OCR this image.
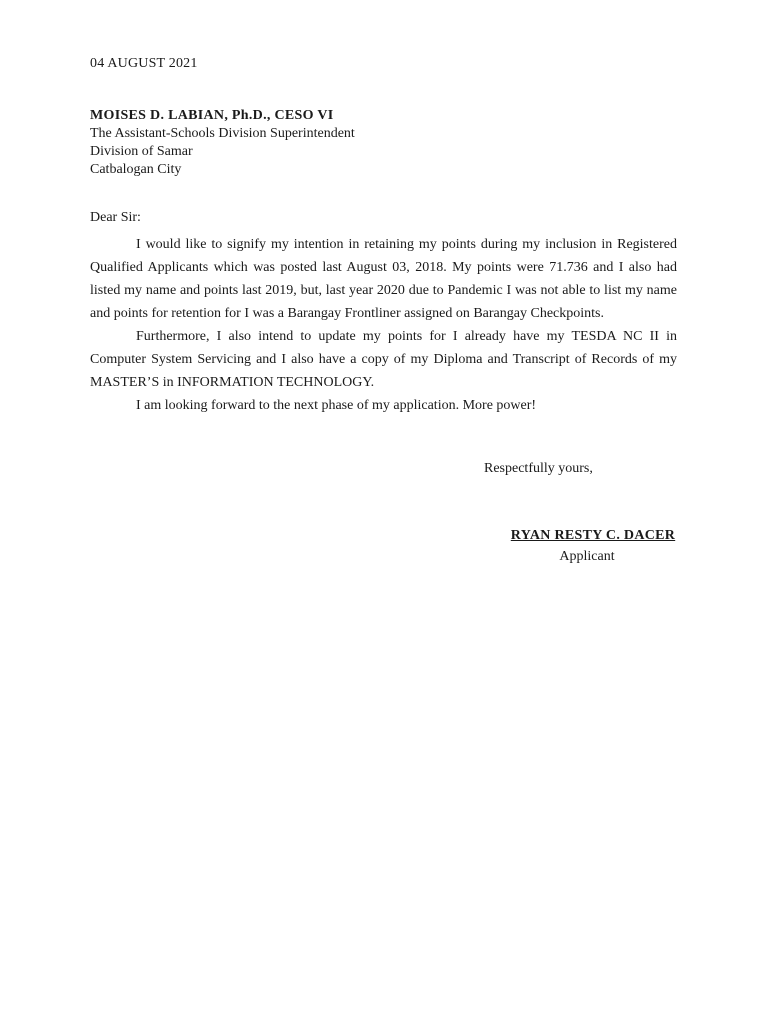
04 AUGUST 2021
MOISES D. LABIAN, Ph.D., CESO VI
The Assistant-Schools Division Superintendent
Division of Samar
Catbalogan City
Dear Sir:

I would like to signify my intention in retaining my points during my inclusion in Registered Qualified Applicants which was posted last August 03, 2018. My points were 71.736 and I also had listed my name and points last 2019, but, last year 2020 due to Pandemic I was not able to list my name and points for retention for I was a Barangay Frontliner assigned on Barangay Checkpoints.

Furthermore, I also intend to update my points for I already have my TESDA NC II in Computer System Servicing and I also have a copy of my Diploma and Transcript of Records of my MASTER’S in INFORMATION TECHNOLOGY.

I am looking forward to the next phase of my application. More power!

Respectfully yours,
RYAN RESTY C. DACER
Applicant
